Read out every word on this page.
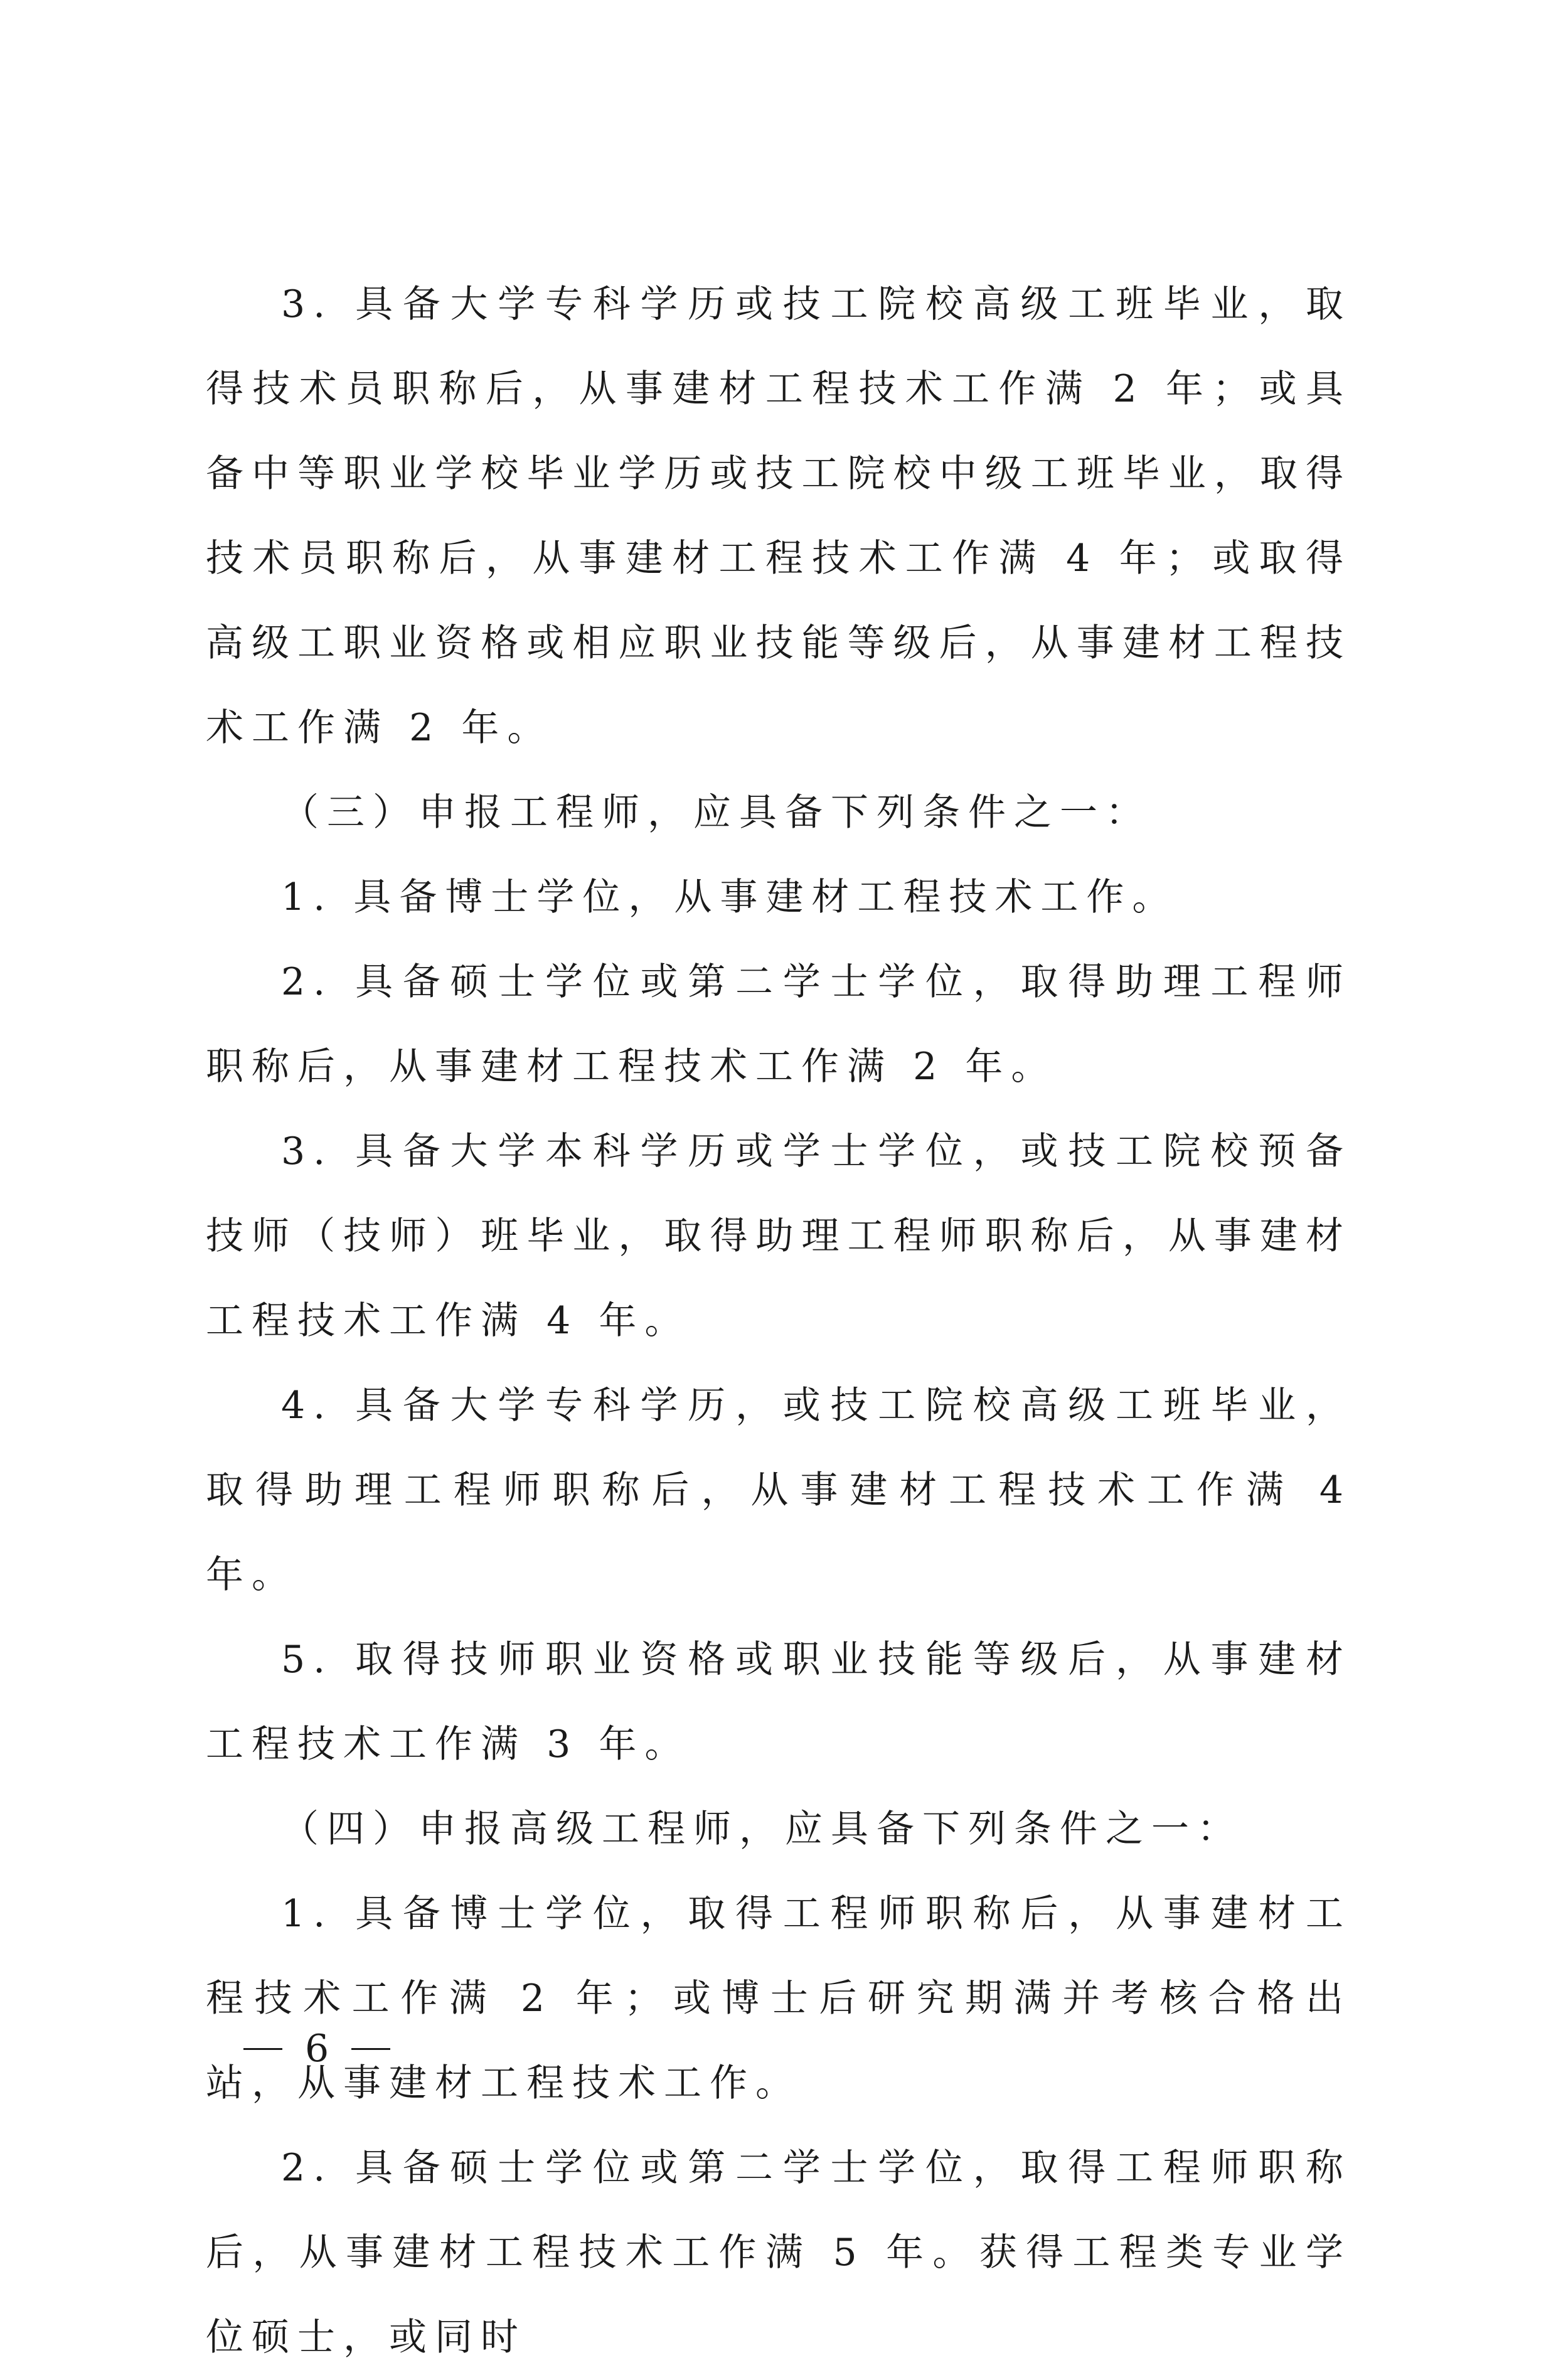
3. 具备大学专科学历或技工院校高级工班毕业，取得技术员职称后，从事建材工程技术工作满 2 年；或具备中等职业学校毕业学历或技工院校中级工班毕业，取得技术员职称后，从事建材工程技术工作满 4 年；或取得高级工职业资格或相应职业技能等级后，从事建材工程技术工作满 2 年。

（三）申报工程师，应具备下列条件之一：

1. 具备博士学位，从事建材工程技术工作。

2. 具备硕士学位或第二学士学位，取得助理工程师职称后，从事建材工程技术工作满 2 年。

3. 具备大学本科学历或学士学位，或技工院校预备技师（技师）班毕业，取得助理工程师职称后，从事建材工程技术工作满 4 年。

4. 具备大学专科学历，或技工院校高级工班毕业，取得助理工程师职称后，从事建材工程技术工作满 4 年。

5. 取得技师职业资格或职业技能等级后，从事建材工程技术工作满 3 年。

（四）申报高级工程师，应具备下列条件之一：

1. 具备博士学位，取得工程师职称后，从事建材工程技术工作满 2 年；或博士后研究期满并考核合格出站，从事建材工程技术工作。

2. 具备硕士学位或第二学士学位，取得工程师职称后，从事建材工程技术工作满 5 年。获得工程类专业学位硕士，或同时

6
